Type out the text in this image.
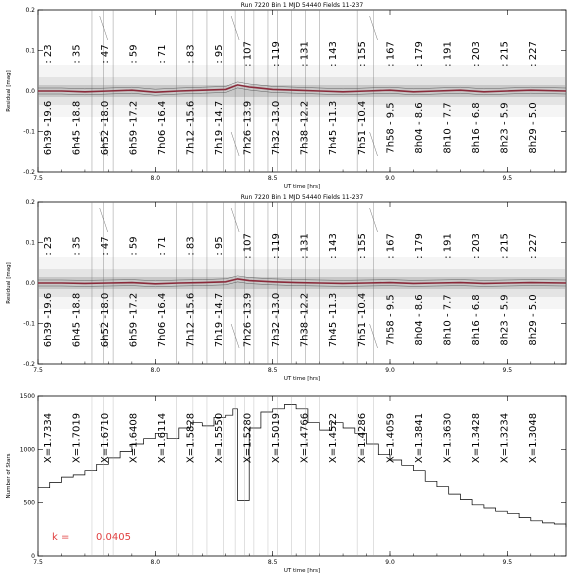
Run 7220 Bin 1 MJD 54440 Fields 11-237
7.5	8.0	8.5	9.0	9.5
0.2
0.1
0.0
-0.1
-0.2
UT time [hrs]
Residual [mag]
: 23 : 35 : 47 : 59 : 71 : 83 : 95 : 107 : 119 : 131 : 143 : 155 : 167 : 179 : 191 : 203 : 215 : 227
6h39 -19.6 6h45 -18.8 6h52 -18.0 6h59 -17.2 7h06 -16.4 7h12 -15.6 7h19 -14.7 7h26 -13.9 7h32 -13.0 7h38 -12.2 7h45 -11.3 7h51 -10.4 7h58 - 9.5 8h04 - 8.6 8h10 - 7.7 8h16 - 6.8 8h23 - 5.9 8h29 - 5.0
Run 7220 Bin 1 MJD 54440 Fields 11-237
7.5	8.0	8.5	9.0	9.5
0.2
0.1
0.0
-0.1
-0.2
UT time [hrs]
Residual [mag]
: 23 : 35 : 47 : 59 : 71 : 83 : 95 : 107 : 119 : 131 : 143 : 155 : 167 : 179 : 191 : 203 : 215 : 227
6h39 -19.6 6h45 -18.8 6h52 -18.0 6h59 -17.2 7h06 -16.4 7h12 -15.6 7h19 -14.7 7h26 -13.9 7h32 -13.0 7h38 -12.2 7h45 -11.3 7h51 -10.4 7h58 - 9.5 8h04 - 8.6 8h10 - 7.7 8h16 - 6.8 8h23 - 5.9 8h29 - 5.0
7.5	8.0	8.5	9.0	9.5
1500
1000
500
0
UT time [hrs]
Number of Stars
X=1.7334 X=1.7019 X=1.6710 X=1.6408 X=1.6114 X=1.5828 X=1.5550 X=1.5280 X=1.5019 X=1.4766 X=1.4522 X=1.4286 X=1.4059 X=1.3841 X=1.3630 X=1.3428 X=1.3234 X=1.3048
k =	0.0405
